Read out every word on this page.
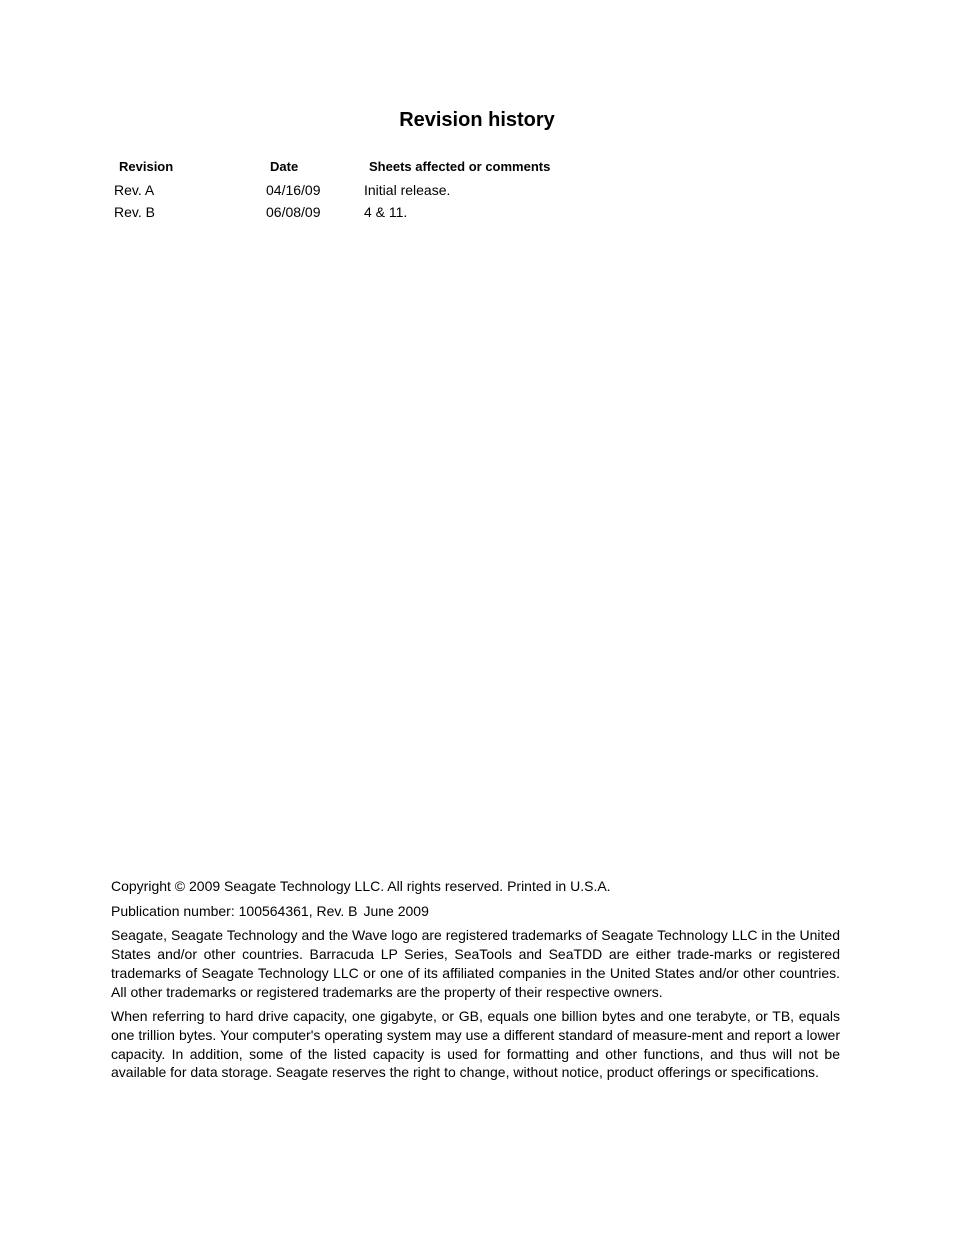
Revision history
Revision	Date	Sheets affected or comments
Rev. A	04/16/09	Initial release.
Rev. B	06/08/09	4 & 11.

Copyright © 2009 Seagate Technology LLC. All rights reserved. Printed in U.S.A.

Publication number: 100564361, Rev. B June 2009

Seagate, Seagate Technology and the Wave logo are registered trademarks of Seagate Technology LLC in the United States and/or other countries. Barracuda LP Series, SeaTools and SeaTDD are either trade-marks or registered trademarks of Seagate Technology LLC or one of its affiliated companies in the United States and/or other countries. All other trademarks or registered trademarks are the property of their respective owners.

When referring to hard drive capacity, one gigabyte, or GB, equals one billion bytes and one terabyte, or TB, equals one trillion bytes. Your computer's operating system may use a different standard of measure-ment and report a lower capacity. In addition, some of the listed capacity is used for formatting and other functions, and thus will not be available for data storage. Seagate reserves the right to change, without notice, product offerings or specifications.
